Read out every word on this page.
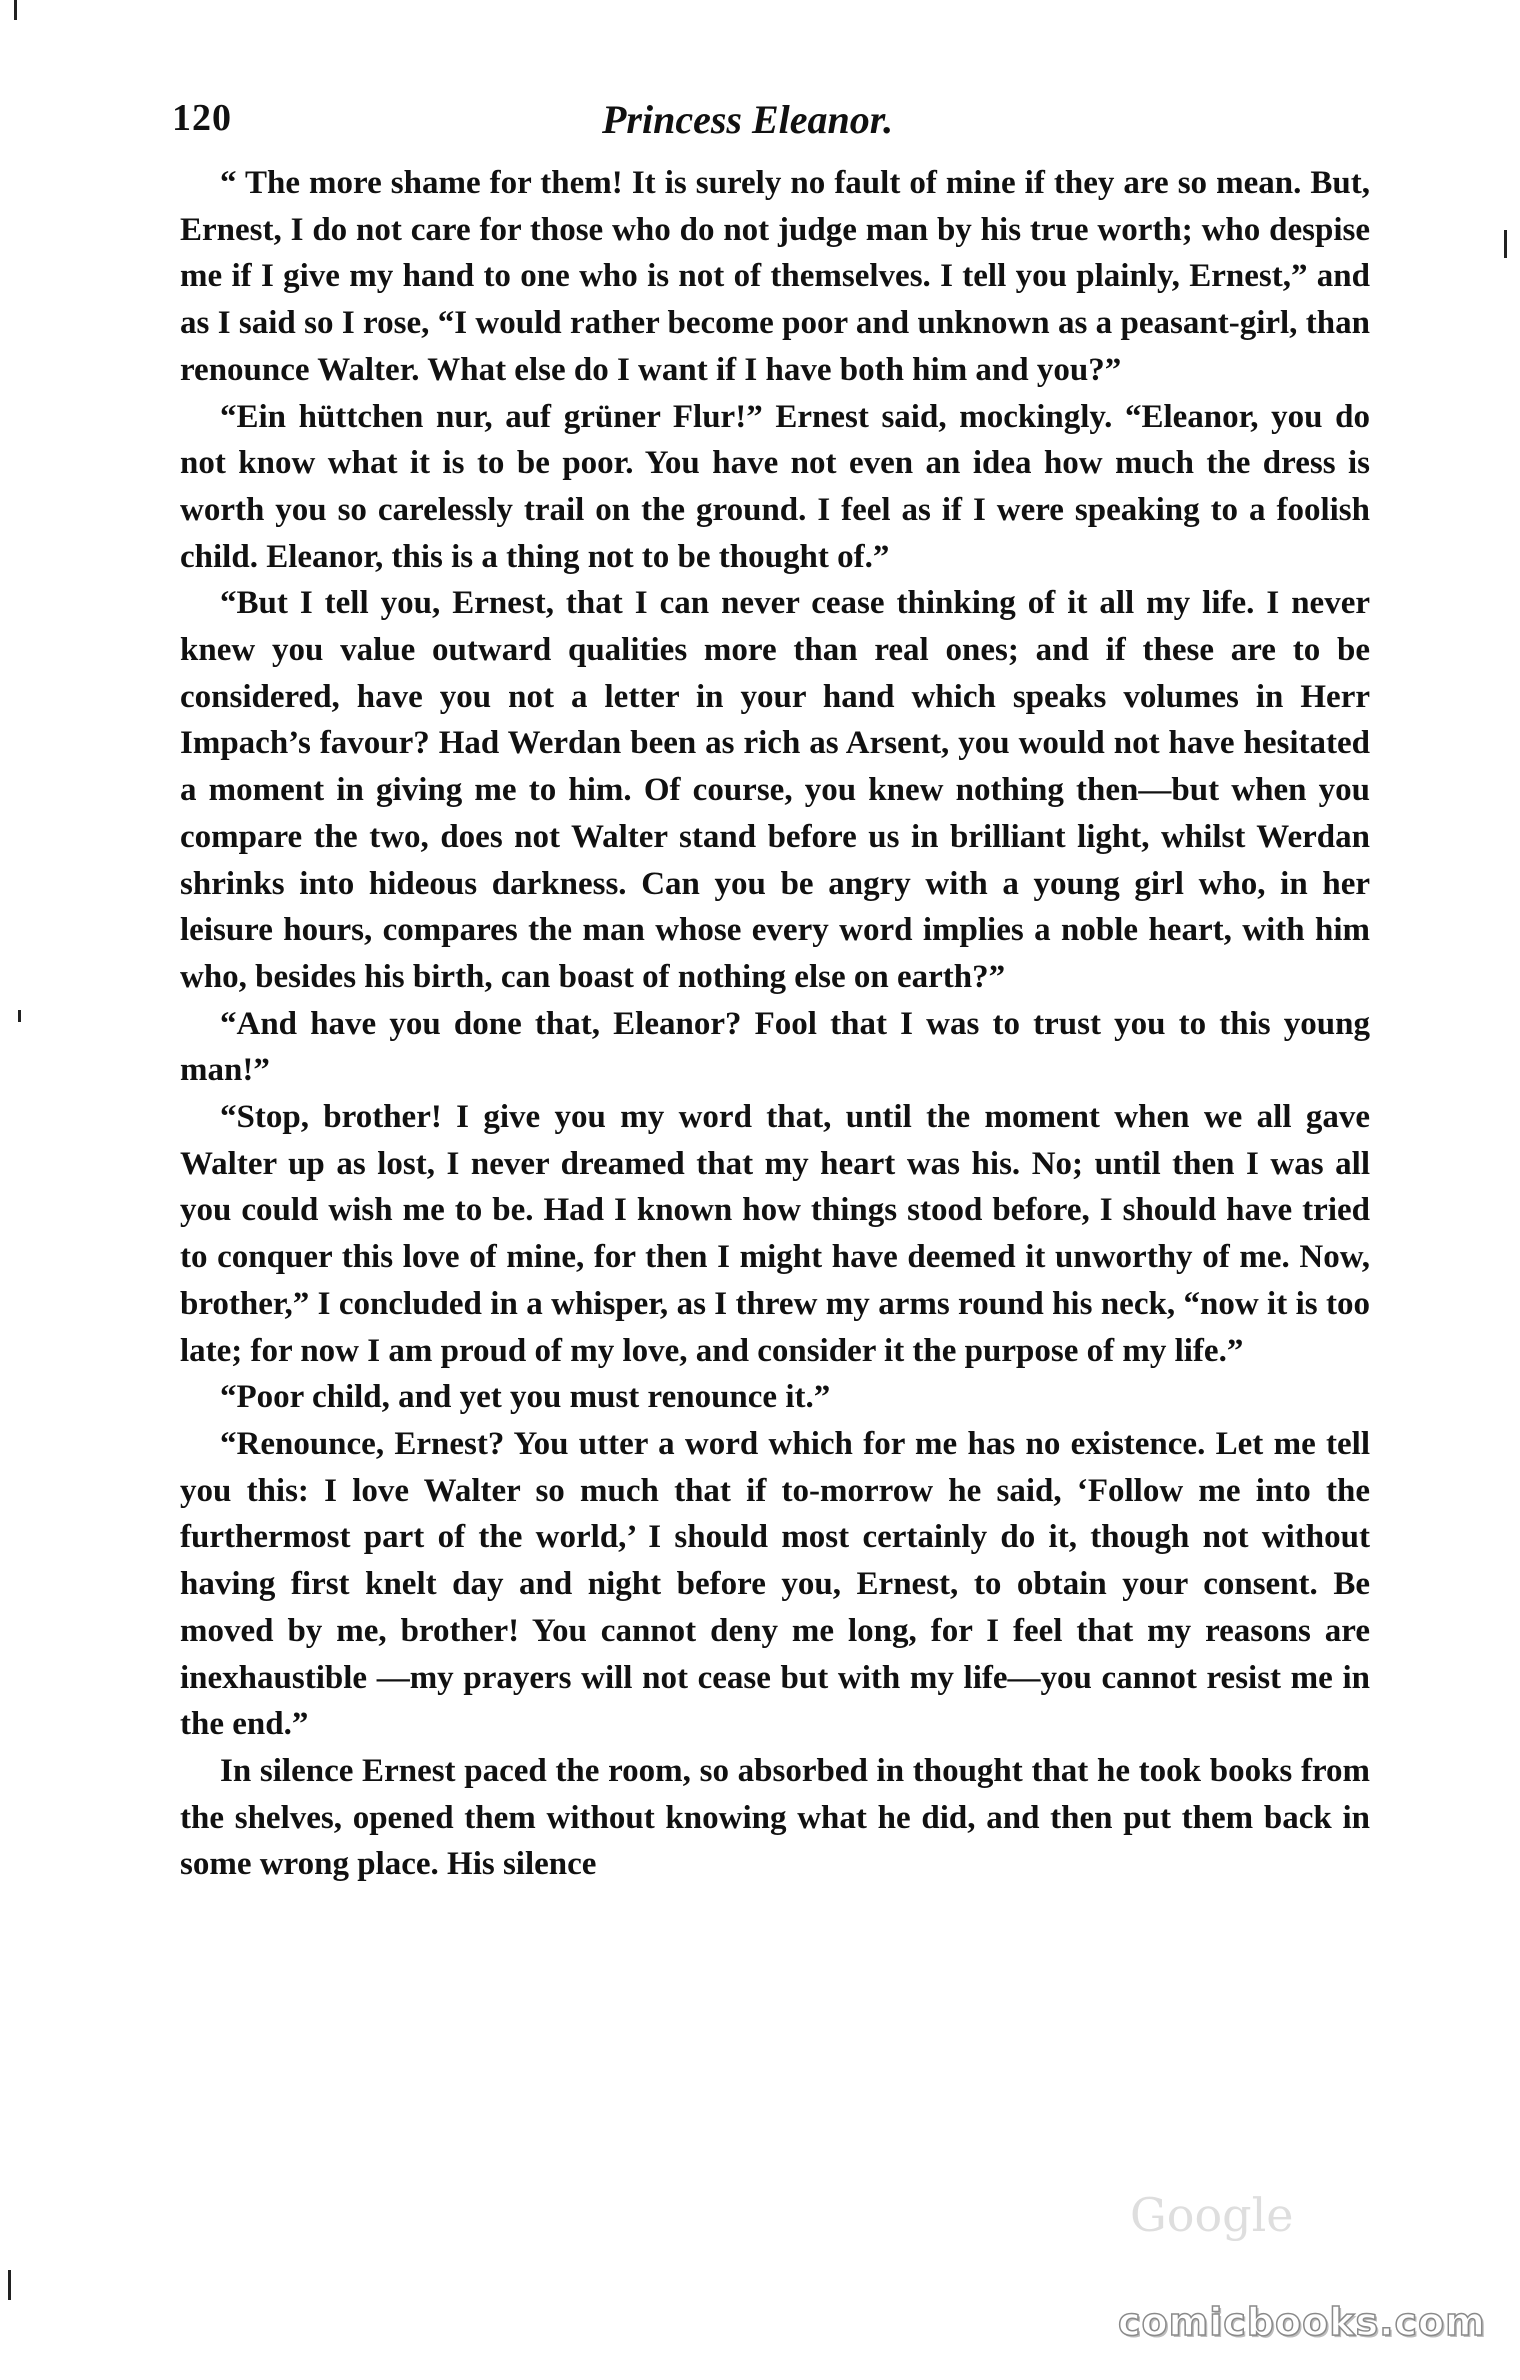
120	Princess Eleanor.

“ The more shame for them! It is surely no fault of mine if they are so mean. But, Ernest, I do not care for those who do not judge man by his true worth; who despise me if I give my hand to one who is not of themselves. I tell you plainly, Ernest,” and as I said so I rose, “I would rather become poor and unknown as a peasant-girl, than renounce Walter. What else do I want if I have both him and you?”

“Ein hüttchen nur, auf grüner Flur!” Ernest said, mockingly. “Eleanor, you do not know what it is to be poor. You have not even an idea how much the dress is worth you so carelessly trail on the ground. I feel as if I were speaking to a foolish child. Eleanor, this is a thing not to be thought of.”

“But I tell you, Ernest, that I can never cease thinking of it all my life. I never knew you value outward qualities more than real ones; and if these are to be considered, have you not a letter in your hand which speaks volumes in Herr Impach’s favour? Had Werdan been as rich as Arsent, you would not have hesitated a moment in giving me to him. Of course, you knew nothing then—but when you compare the two, does not Walter stand before us in brilliant light, whilst Werdan shrinks into hideous darkness. Can you be angry with a young girl who, in her leisure hours, compares the man whose every word implies a noble heart, with him who, besides his birth, can boast of nothing else on earth?”

“And have you done that, Eleanor? Fool that I was to trust you to this young man!”

“Stop, brother! I give you my word that, until the moment when we all gave Walter up as lost, I never dreamed that my heart was his. No; until then I was all you could wish me to be. Had I known how things stood before, I should have tried to conquer this love of mine, for then I might have deemed it unworthy of me. Now, brother,” I concluded in a whisper, as I threw my arms round his neck, “now it is too late; for now I am proud of my love, and consider it the purpose of my life.”

“Poor child, and yet you must renounce it.”

“Renounce, Ernest? You utter a word which for me has no existence. Let me tell you this: I love Walter so much that if to-morrow he said, ‘Follow me into the furthermost part of the world,’ I should most certainly do it, though not without having first knelt day and night before you, Ernest, to obtain your consent. Be moved by me, brother! You cannot deny me long, for I feel that my reasons are inexhaustible —my prayers will not cease but with my life—you cannot resist me in the end.”

In silence Ernest paced the room, so absorbed in thought that he took books from the shelves, opened them without knowing what he did, and then put them back in some wrong place. His silence

Google
comicbooks.com
